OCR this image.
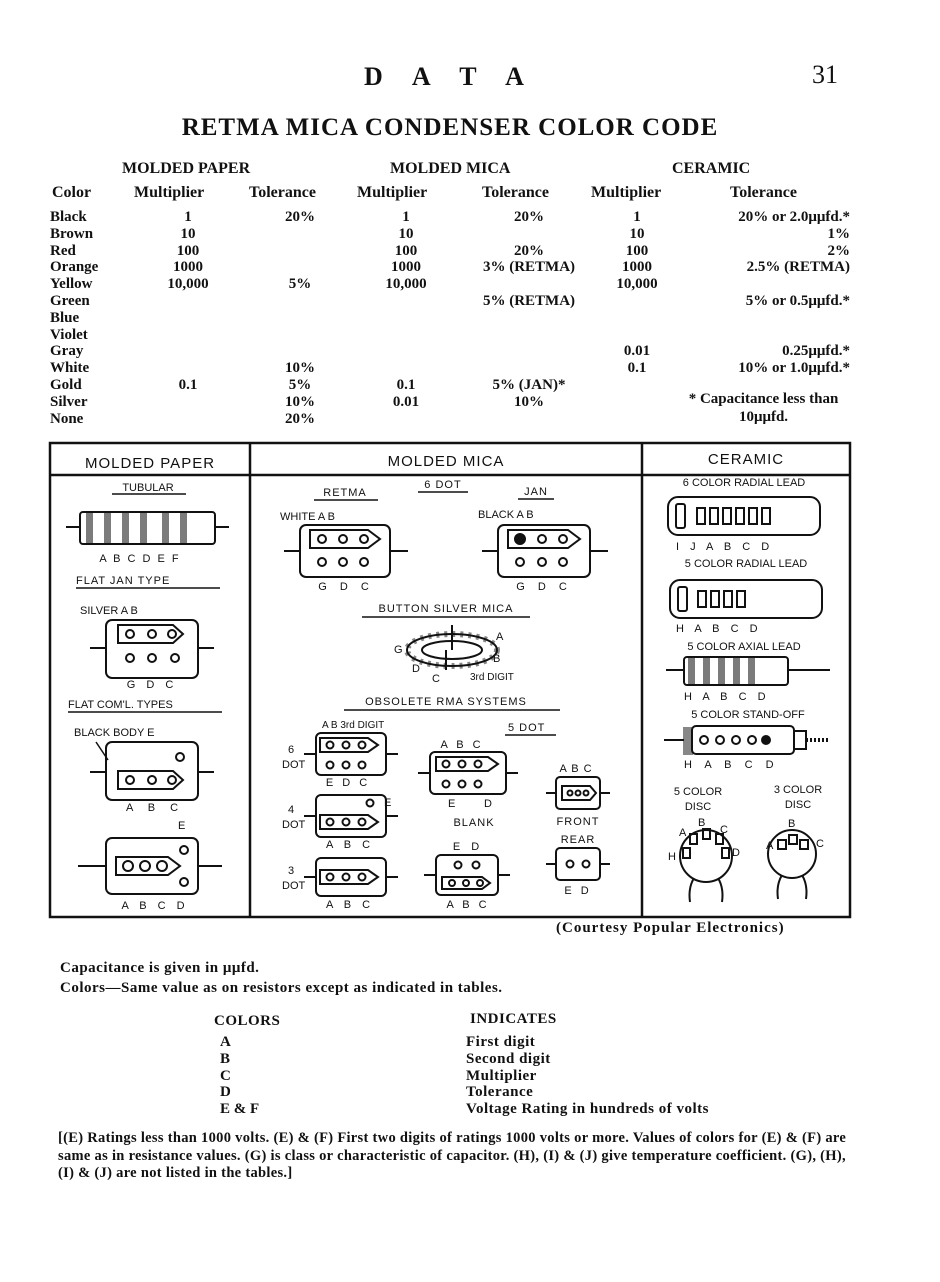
D A T A	31
RETMA MICA CONDENSER COLOR CODE
MOLDED PAPER	MOLDED MICA	CERAMIC
Color	Multiplier	Tolerance	Multiplier	Tolerance	Multiplier	Tolerance
Black	1	20%	1	20%	1	20% or 2.0μμfd.*
Brown	10		10		10	1%
Red	100		100	20%	100	2%
Orange	1000		1000	3% (RETMA)	1000	2.5% (RETMA)
Yellow	10,000	5%	10,000		10,000	
Green				5% (RETMA)		5% or 0.5μμfd.*
Blue						
Violet						
Gray					0.01	0.25μμfd.*
White		10%			0.1	10% or 1.0μμfd.*
Gold	0.1	5%	0.1	5% (JAN)*		
Silver		10%	0.01	10%		
None		20%				
* Capacitance less than 10μμfd.
MOLDED PAPER	MOLDED MICA	CERAMIC
TUBULAR
A B C D E F
FLAT JAN TYPE
SILVER A B
G D C
FLAT COM'L. TYPES
BLACK BODY E
A B C
E
A B C D
RETMA
6 DOT
JAN
WHITE A B	BLACK A B
G D C	G D C
BUTTON SILVER MICA
G
A
B
D
C	3rd DIGIT
OBSOLETE RMA SYSTEMS
A B 3rd DIGIT	5 DOT
6
DOT
E D C
A B C
E	D
BLANK
A B C
FRONT
REAR
E D
4
DOT
E
A B C
3
DOT
A B C
E D
A B C
6 COLOR RADIAL LEAD
I J A B C D
5 COLOR RADIAL LEAD
H A B C D
5 COLOR AXIAL LEAD
H A B C D
5 COLOR STAND-OFF
H A B C D
5 COLOR
DISC
3 COLOR
DISC
H
A
B
C
D
A
B
C
(Courtesy Popular Electronics)
Capacitance is given in μμfd.
Colors—Same value as on resistors except as indicated in tables.
COLORS	INDICATES
A	First digit
B	Second digit
C	Multiplier
D	Tolerance
E & F	Voltage Rating in hundreds of volts
[(E) Ratings less than 1000 volts. (E) & (F) First two digits of ratings 1000 volts or more. Values of colors for (E) & (F) are same as in resistance values. (G) is class or characteristic of capacitor. (H), (I) & (J) give temperature coefficient. (G), (H), (I) & (J) are not listed in the tables.]
